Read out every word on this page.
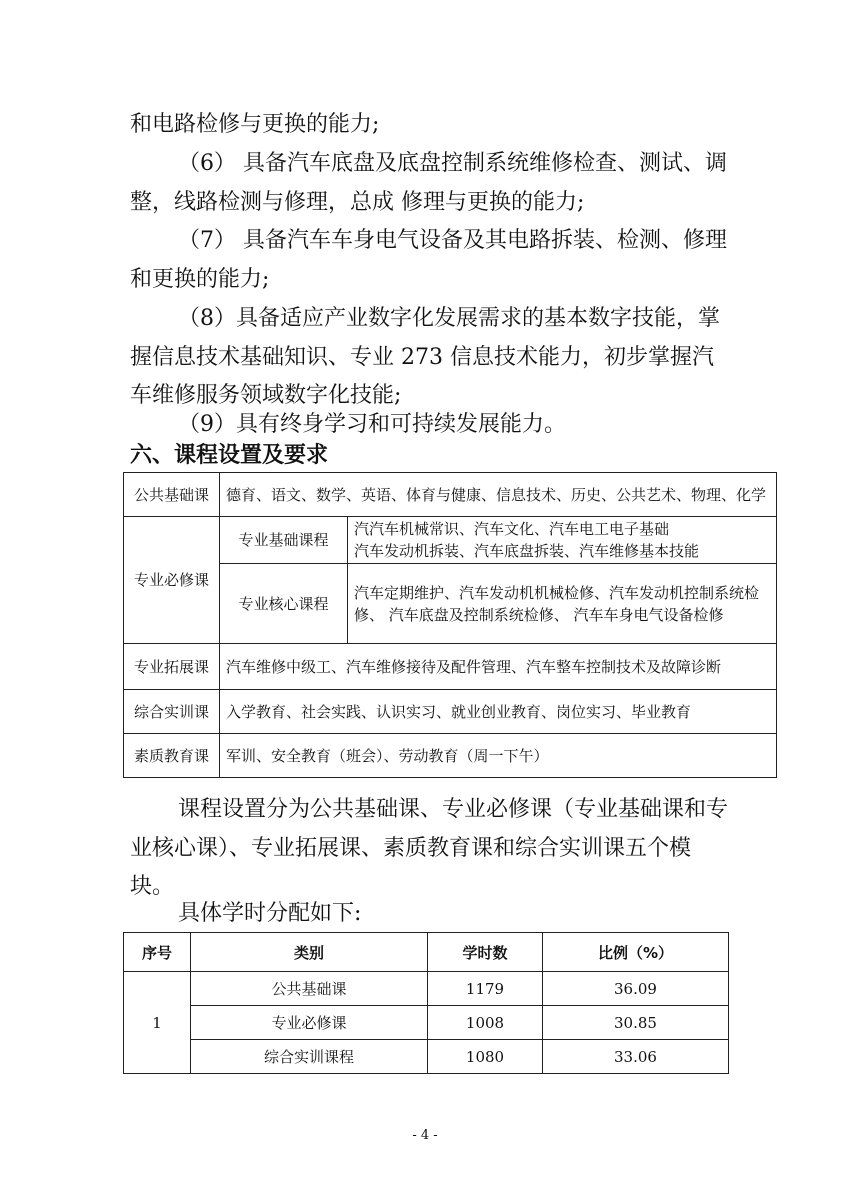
和电路检修与更换的能力;

（6） 具备汽车底盘及底盘控制系统维修检查、测试、调整，线路检测与修理，总成 修理与更换的能力;

（7） 具备汽车车身电气设备及其电路拆装、检测、修理和更换的能力;

（8）具备适应产业数字化发展需求的基本数字技能，掌握信息技术基础知识、专业 273 信息技术能力，初步掌握汽车维修服务领域数字化技能;

（9）具有终身学习和可持续发展能力。

六、课程设置及要求
公共基础课	德育、语文、数学、英语、体育与健康、信息技术、历史、公共艺术、物理、化学	
专业必修课	专业基础课程	汽汽车机械常识、汽车文化、汽车电工电子基础
汽车发动机拆装、汽车底盘拆装、汽车维修基本技能

	专业核心课程	汽车定期维护、汽车发动机机械检修、汽车发动机控制系统检修、 汽车底盘及控制系统检修、 汽车车身电气设备检修
专业拓展课	汽车维修中级工、汽车维修接待及配件管理、汽车整车控制技术及故障诊断	
综合实训课	入学教育、社会实践、认识实习、就业创业教育、岗位实习、毕业教育	
素质教育课	军训、安全教育（班会）、劳动教育（周一下午）	

课程设置分为公共基础课、专业必修课（专业基础课和专业核心课）、专业拓展课、素质教育课和综合实训课五个模块。

具体学时分配如下:

序号	类别	学时数	比例（%）
1	公共基础课	1179	36.09
	专业必修课	1008	30.85
	综合实训课程	1080	33.06
- 4 -
